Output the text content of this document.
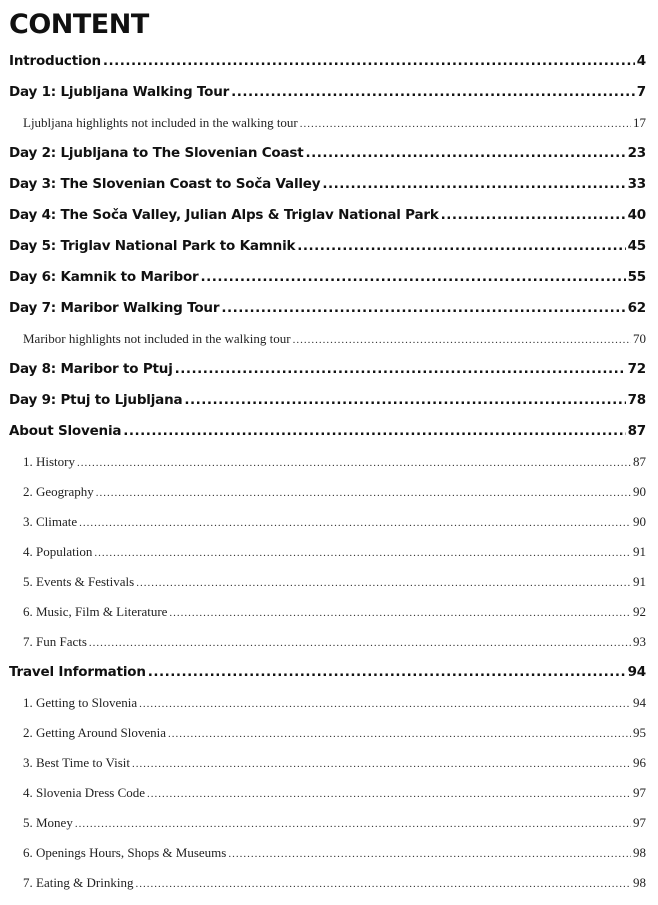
CONTENT
Introduction .....	4
Day 1: Ljubljana Walking Tour .....	7
Ljubljana highlights not included in the walking tour .....	17
Day 2: Ljubljana to The Slovenian Coast .....	23
Day 3: The Slovenian Coast to Soča Valley .....	33
Day 4: The Soča Valley, Julian Alps & Triglav National Park .....	40
Day 5: Triglav National Park to Kamnik .....	45
Day 6: Kamnik to Maribor .....	55
Day 7: Maribor Walking Tour .....	62
Maribor highlights not included in the walking tour .....	70
Day 8: Maribor to Ptuj .....	72
Day 9: Ptuj to Ljubljana .....	78
About Slovenia .....	87
1. History .....	87
2. Geography .....	90
3. Climate .....	90
4. Population .....	91
5. Events & Festivals .....	91
6. Music, Film & Literature .....	92
7. Fun Facts .....	93
Travel Information .....	94
1. Getting to Slovenia .....	94
2. Getting Around Slovenia .....	95
3. Best Time to Visit .....	96
4. Slovenia Dress Code .....	97
5. Money .....	97
6. Openings Hours, Shops & Museums .....	98
7. Eating & Drinking .....	98
